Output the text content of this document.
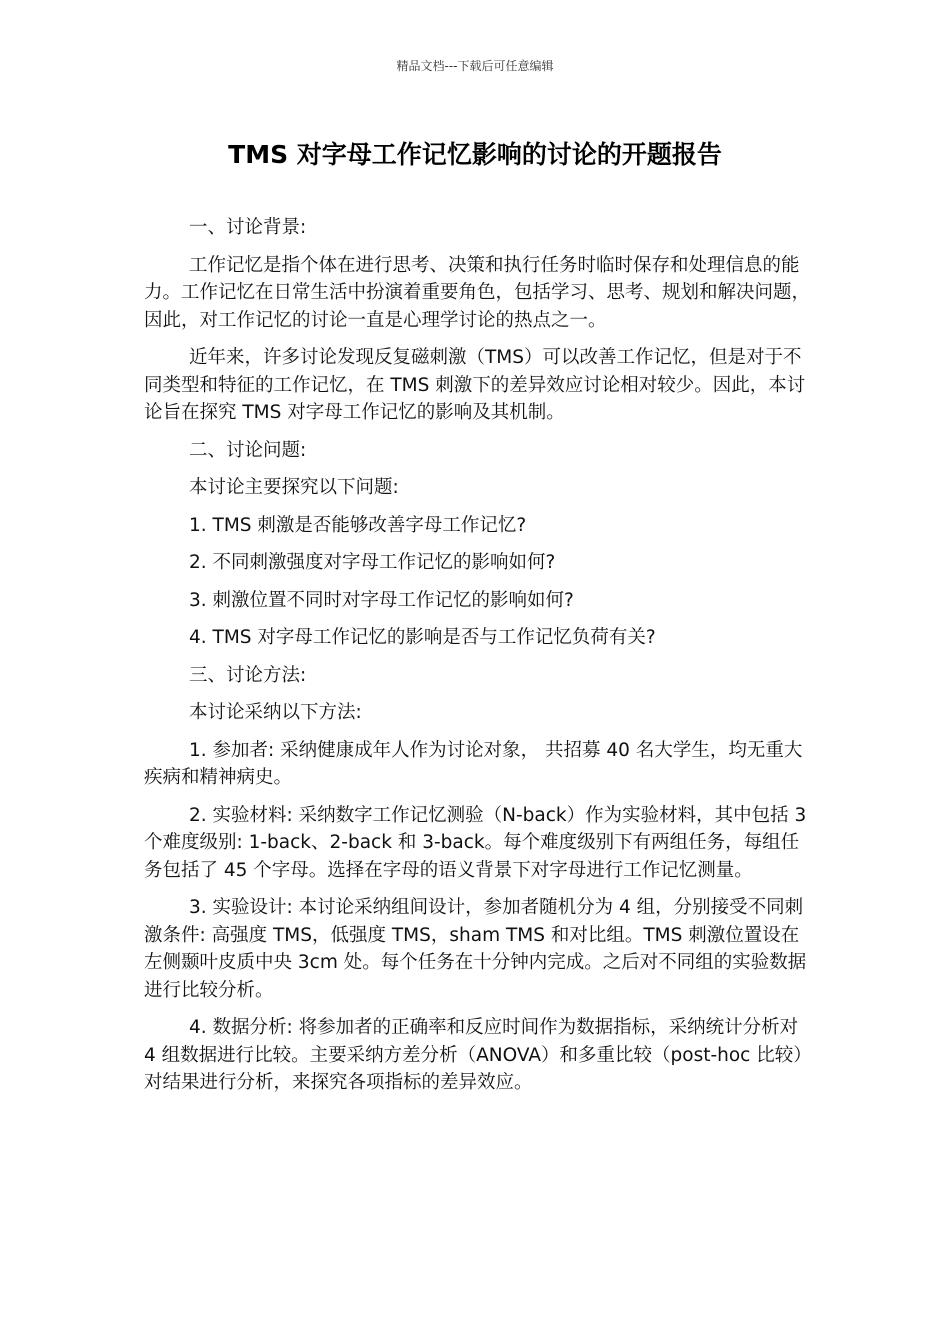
精品文档---下载后可任意编辑
TMS 对字母工作记忆影响的讨论的开题报告

一、讨论背景:

工作记忆是指个体在进行思考、决策和执行任务时临时保存和处理信息的能力。工作记忆在日常生活中扮演着重要角色，包括学习、思考、规划和解决问题，因此，对工作记忆的讨论一直是心理学讨论的热点之一。

近年来，许多讨论发现反复磁刺激（TMS）可以改善工作记忆，但是对于不同类型和特征的工作记忆，在 TMS 刺激下的差异效应讨论相对较少。因此，本讨论旨在探究 TMS 对字母工作记忆的影响及其机制。

二、讨论问题:

本讨论主要探究以下问题:

1. TMS 刺激是否能够改善字母工作记忆?

2. 不同刺激强度对字母工作记忆的影响如何?

3. 刺激位置不同时对字母工作记忆的影响如何?

4. TMS 对字母工作记忆的影响是否与工作记忆负荷有关?

三、讨论方法:

本讨论采纳以下方法:

1. 参加者: 采纳健康成年人作为讨论对象， 共招募 40 名大学生，均无重大疾病和精神病史。

2. 实验材料: 采纳数字工作记忆测验（N-back）作为实验材料，其中包括 3 个难度级别: 1-back、2-back 和 3-back。每个难度级别下有两组任务，每组任务包括了 45 个字母。选择在字母的语义背景下对字母进行工作记忆测量。

3. 实验设计: 本讨论采纳组间设计，参加者随机分为 4 组，分别接受不同刺激条件: 高强度 TMS，低强度 TMS，sham TMS 和对比组。TMS 刺激位置设在左侧颞叶皮质中央 3cm 处。每个任务在十分钟内完成。之后对不同组的实验数据进行比较分析。

4. 数据分析: 将参加者的正确率和反应时间作为数据指标，采纳统计分析对 4 组数据进行比较。主要采纳方差分析（ANOVA）和多重比较（post-hoc 比较）对结果进行分析，来探究各项指标的差异效应。
